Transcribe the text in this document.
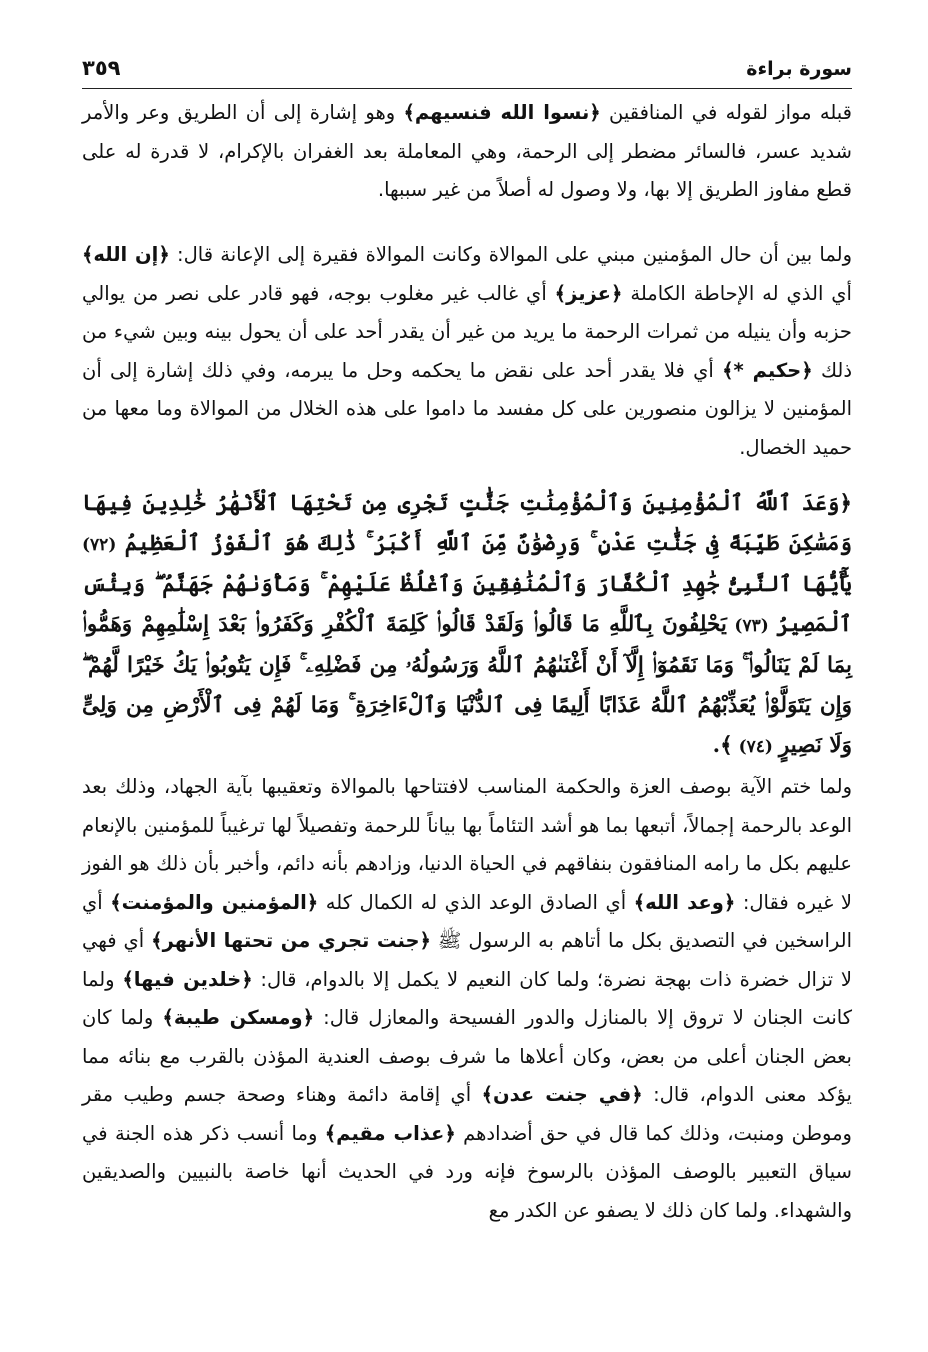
سورة براءة
٣٥٩

قبله مواز لقوله في المنافقين ﴿نسوا الله فنسيهم﴾ وهو إشارة إلى أن الطريق وعر والأمر شديد عسر، فالسائر مضطر إلى الرحمة، وهي المعاملة بعد الغفران بالإكرام، لا قدرة له على قطع مفاوز الطريق إلا بها، ولا وصول له أصلاً من غير سببها.

ولما بين أن حال المؤمنين مبني على الموالاة وكانت الموالاة فقيرة إلى الإعانة قال: ﴿إن الله﴾ أي الذي له الإحاطة الكاملة ﴿عزيز﴾ أي غالب غير مغلوب بوجه، فهو قادر على نصر من يوالي حزبه وأن ينيله من ثمرات الرحمة ما يريد من غير أن يقدر أحد على أن يحول بينه وبين شيء من ذلك ﴿حكيم *﴾ أي فلا يقدر أحد على نقض ما يحكمه وحل ما يبرمه، وفي ذلك إشارة إلى أن المؤمنين لا يزالون منصورين على كل مفسد ما داموا على هذه الخلال من الموالاة وما معها من حميد الخصال.

﴿وَعَدَ ٱللَّهُ ٱلْمُؤْمِنِينَ وَٱلْمُؤْمِنَٰتِ جَنَّٰتٍ تَجْرِى مِن تَحْتِهَا ٱلْأَنْهَٰرُ خَٰلِدِينَ فِيهَا وَمَسَٰكِنَ طَيِّبَةً فِى جَنَّٰتِ عَدْنٍ ۚ وَرِضْوَٰنٌ مِّنَ ٱللَّهِ أَكْبَرُ ۚ ذَٰلِكَ هُوَ ٱلْفَوْزُ ٱلْعَظِيمُ (٧٢) يَٰٓأَيُّهَا ٱلنَّبِىُّ جَٰهِدِ ٱلْكُفَّارَ وَٱلْمُنَٰفِقِينَ وَٱغْلُظْ عَلَيْهِمْ ۚ وَمَأْوَىٰهُمْ جَهَنَّمُ ۖ وَبِئْسَ ٱلْمَصِيرُ (٧٣) يَحْلِفُونَ بِٱللَّهِ مَا قَالُوا۟ وَلَقَدْ قَالُوا۟ كَلِمَةَ ٱلْكُفْرِ وَكَفَرُوا۟ بَعْدَ إِسْلَٰمِهِمْ وَهَمُّوا۟ بِمَا لَمْ يَنَالُوا۟ ۚ وَمَا نَقَمُوٓا۟ إِلَّآ أَنْ أَغْنَىٰهُمُ ٱللَّهُ وَرَسُولُهُۥ مِن فَضْلِهِۦ ۚ فَإِن يَتُوبُوا۟ يَكُ خَيْرًا لَّهُمْ ۖ وَإِن يَتَوَلَّوْا۟ يُعَذِّبْهُمُ ٱللَّهُ عَذَابًا أَلِيمًا فِى ٱلدُّنْيَا وَٱلْءَاخِرَةِ ۚ وَمَا لَهُمْ فِى ٱلْأَرْضِ مِن وَلِىٍّ وَلَا نَصِيرٍ (٧٤) ﴾.

ولما ختم الآية بوصف العزة والحكمة المناسب لافتتاحها بالموالاة وتعقيبها بآية الجهاد، وذلك بعد الوعد بالرحمة إجمالاً، أتبعها بما هو أشد التئاماً بها بياناً للرحمة وتفصيلاً لها ترغيباً للمؤمنين بالإنعام عليهم بكل ما رامه المنافقون بنفاقهم في الحياة الدنيا، وزادهم بأنه دائم، وأخبر بأن ذلك هو الفوز لا غيره فقال: ﴿وعد الله﴾ أي الصادق الوعد الذي له الكمال كله ﴿المؤمنين والمؤمنت﴾ أي الراسخين في التصديق بكل ما أتاهم به الرسول ﷺ ﴿جنت تجري من تحتها الأنهر﴾ أي فهي لا تزال خضرة ذات بهجة نضرة؛ ولما كان النعيم لا يكمل إلا بالدوام، قال: ﴿خلدين فيها﴾ ولما كانت الجنان لا تروق إلا بالمنازل والدور الفسيحة والمعازل قال: ﴿ومسكن طيبة﴾ ولما كان بعض الجنان أعلى من بعض، وكان أعلاها ما شرف بوصف العندية المؤذن بالقرب مع بنائه مما يؤكد معنى الدوام، قال: ﴿في جنت عدن﴾ أي إقامة دائمة وهناء وصحة جسم وطيب مقر وموطن ومنبت، وذلك كما قال في حق أضدادهم ﴿عذاب مقيم﴾ وما أنسب ذكر هذه الجنة في سياق التعبير بالوصف المؤذن بالرسوخ فإنه ورد في الحديث أنها خاصة بالنبيين والصديقين والشهداء. ولما كان ذلك لا يصفو عن الكدر مع
